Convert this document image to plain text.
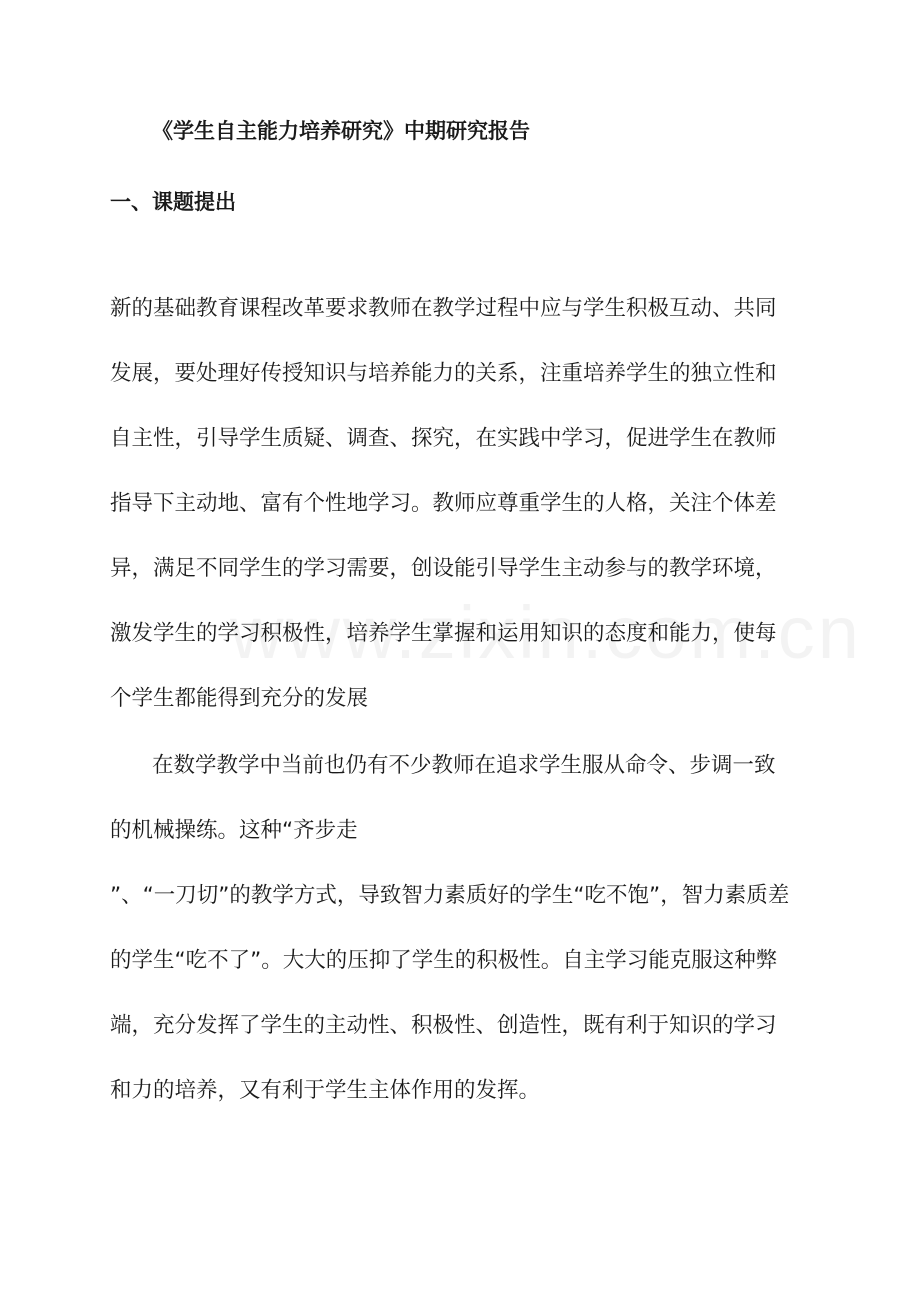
《学生自主能力培养研究》中期研究报告
一、课题提出
新的基础教育课程改革要求教师在教学过程中应与学生积极互动、共同
发展，要处理好传授知识与培养能力的关系，注重培养学生的独立性和
自主性，引导学生质疑、调查、探究，在实践中学习，促进学生在教师
指导下主动地、富有个性地学习。教师应尊重学生的人格，关注个体差
异，满足不同学生的学习需要，创设能引导学生主动参与的教学环境，
激发学生的学习积极性，培养学生掌握和运用知识的态度和能力，使每
个学生都能得到充分的发展
在数学教学中当前也仍有不少教师在追求学生服从命令、步调一致
的机械操练。这种“齐步走
”、“一刀切”的教学方式，导致智力素质好的学生“吃不饱”，智力素质差
的学生“吃不了”。大大的压抑了学生的积极性。自主学习能克服这种弊
端，充分发挥了学生的主动性、积极性、创造性，既有利于知识的学习
和力的培养，又有利于学生主体作用的发挥。
